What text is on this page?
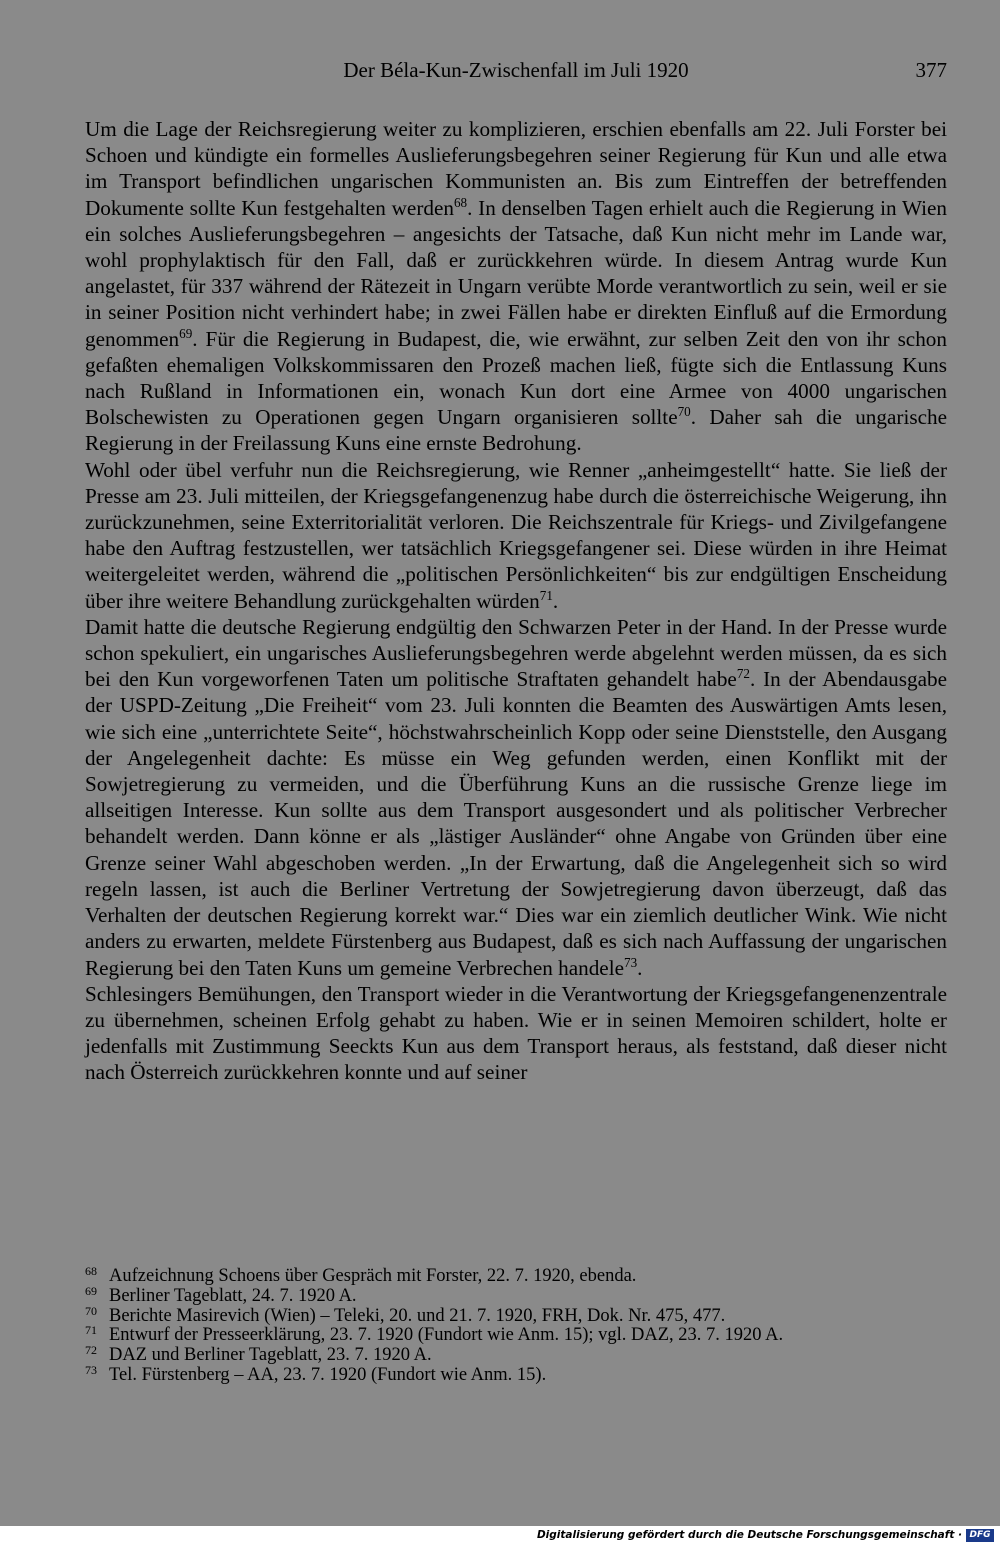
Der Béla-Kun-Zwischenfall im Juli 1920	377

Um die Lage der Reichsregierung weiter zu komplizieren, erschien ebenfalls am 22. Juli Forster bei Schoen und kündigte ein formelles Auslieferungsbegehren seiner Regierung für Kun und alle etwa im Transport befindlichen ungarischen Kommunisten an. Bis zum Eintreffen der betreffenden Dokumente sollte Kun festgehalten werden$^{68}$. In denselben Tagen erhielt auch die Regierung in Wien ein solches Auslieferungsbegehren – angesichts der Tatsache, daß Kun nicht mehr im Lande war, wohl prophylaktisch für den Fall, daß er zurückkehren würde. In diesem Antrag wurde Kun angelastet, für 337 während der Rätezeit in Ungarn verübte Morde verantwortlich zu sein, weil er sie in seiner Position nicht verhindert habe; in zwei Fällen habe er direkten Einfluß auf die Ermordung genommen$^{69}$. Für die Regierung in Budapest, die, wie erwähnt, zur selben Zeit den von ihr schon gefaßten ehemaligen Volkskommissaren den Prozeß machen ließ, fügte sich die Entlassung Kuns nach Rußland in Informationen ein, wonach Kun dort eine Armee von 4000 ungarischen Bolschewisten zu Operationen gegen Ungarn organisieren sollte$^{70}$. Daher sah die ungarische Regierung in der Freilassung Kuns eine ernste Bedrohung.

Wohl oder übel verfuhr nun die Reichsregierung, wie Renner „anheimgestellt“ hatte. Sie ließ der Presse am 23. Juli mitteilen, der Kriegsgefangenenzug habe durch die österreichische Weigerung, ihn zurückzunehmen, seine Exterritorialität verloren. Die Reichszentrale für Kriegs- und Zivilgefangene habe den Auftrag festzustellen, wer tatsächlich Kriegsgefangener sei. Diese würden in ihre Heimat weitergeleitet werden, während die „politischen Persönlichkeiten“ bis zur endgültigen Enscheidung über ihre weitere Behandlung zurückgehalten würden$^{71}$.

Damit hatte die deutsche Regierung endgültig den Schwarzen Peter in der Hand. In der Presse wurde schon spekuliert, ein ungarisches Auslieferungsbegehren werde abgelehnt werden müssen, da es sich bei den Kun vorgeworfenen Taten um politische Straftaten gehandelt habe$^{72}$. In der Abendausgabe der USPD-Zeitung „Die Freiheit“ vom 23. Juli konnten die Beamten des Auswärtigen Amts lesen, wie sich eine „unterrichtete Seite“, höchstwahrscheinlich Kopp oder seine Dienststelle, den Ausgang der Angelegenheit dachte: Es müsse ein Weg gefunden werden, einen Konflikt mit der Sowjetregierung zu vermeiden, und die Überführung Kuns an die russische Grenze liege im allseitigen Interesse. Kun sollte aus dem Transport ausgesondert und als politischer Verbrecher behandelt werden. Dann könne er als „lästiger Ausländer“ ohne Angabe von Gründen über eine Grenze seiner Wahl abgeschoben werden. „In der Erwartung, daß die Angelegenheit sich so wird regeln lassen, ist auch die Berliner Vertretung der Sowjetregierung davon überzeugt, daß das Verhalten der deutschen Regierung korrekt war.“ Dies war ein ziemlich deutlicher Wink. Wie nicht anders zu erwarten, meldete Fürstenberg aus Budapest, daß es sich nach Auffassung der ungarischen Regierung bei den Taten Kuns um gemeine Verbrechen handele$^{73}$.

Schlesingers Bemühungen, den Transport wieder in die Verantwortung der Kriegsgefangenenzentrale zu übernehmen, scheinen Erfolg gehabt zu haben. Wie er in seinen Memoiren schildert, holte er jedenfalls mit Zustimmung Seeckts Kun aus dem Transport heraus, als feststand, daß dieser nicht nach Österreich zurückkehren konnte und auf seiner

68 Aufzeichnung Schoens über Gespräch mit Forster, 22. 7. 1920, ebenda.
69 Berliner Tageblatt, 24. 7. 1920 A.
70 Berichte Masirevich (Wien) – Teleki, 20. und 21. 7. 1920, FRH, Dok. Nr. 475, 477.
71 Entwurf der Presseerklärung, 23. 7. 1920 (Fundort wie Anm. 15); vgl. DAZ, 23. 7. 1920 A.
72 DAZ und Berliner Tageblatt, 23. 7. 1920 A.
73 Tel. Fürstenberg – AA, 23. 7. 1920 (Fundort wie Anm. 15).
Digitalisierung gefördert durch die Deutsche Forschungsgemeinschaft · DFG
